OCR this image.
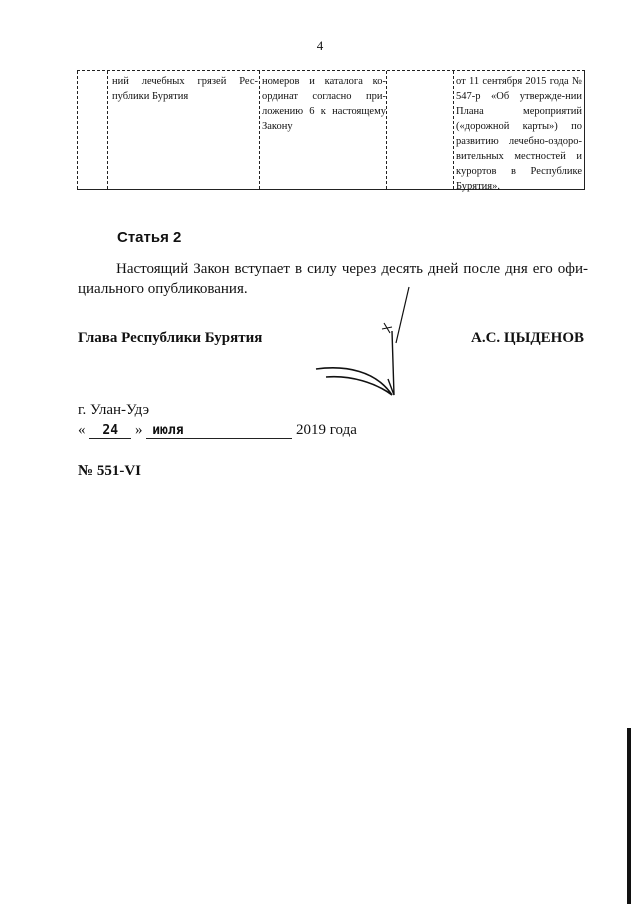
4
ний лечебных грязей Рес-публики Бурятия
номеров и каталога ко-ординат согласно при-ложению 6 к настоящему Закону
от 11 сентября 2015 года № 547-р «Об утвержде-нии Плана мероприятий («дорожной карты») по развитию лечебно-оздоро-вительных местностей и курортов в Республике Бурятия».
Статья 2
Настоящий Закон вступает в силу через десять дней после дня его офи-циального опубликования.
Глава Республики Бурятия	А.С. ЦЫДЕНОВ
г. Улан-Удэ
« 24 » июля	2019 года
№ 551-VI
